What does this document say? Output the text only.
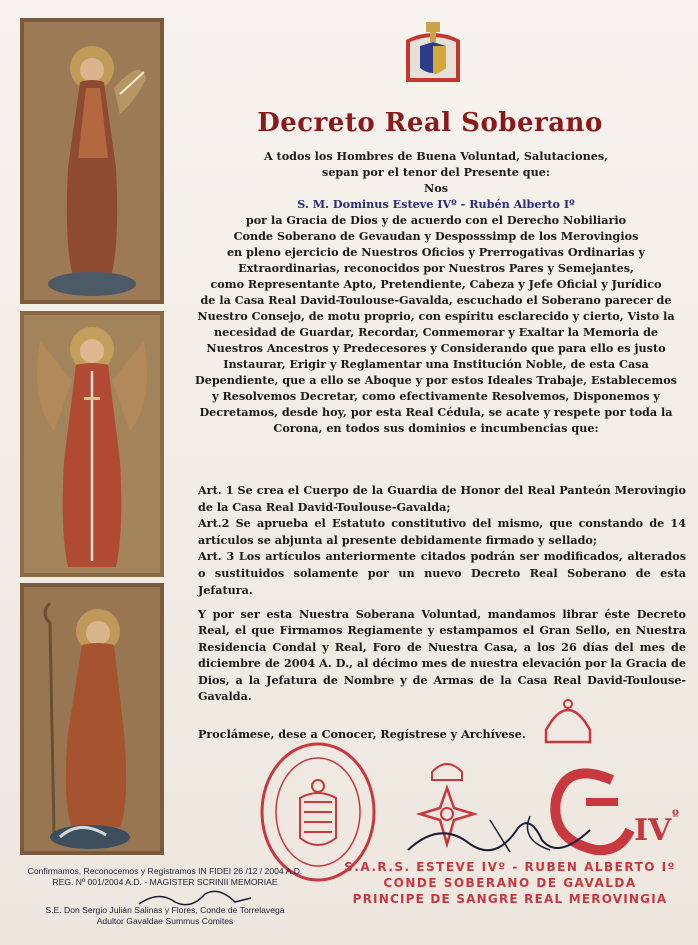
Decreto Real Soberano

A todos los Hombres de Buena Voluntad, Salutaciones,

sepan por el tenor del Presente que:

Nos

S. M. Dominus Esteve IVº - Rubén Alberto Iº

por la Gracia de Dios y de acuerdo con el Derecho Nobiliario

Conde Soberano de Gevaudan y Desposssimp de los Merovingios

en pleno ejercicio de Nuestros Oficios y Prerrogativas Ordinarias y

Extraordinarias, reconocidos por Nuestros Pares y Semejantes,

como Representante Apto, Pretendiente, Cabeza y Jefe Oficial y Jurídico

de la Casa Real David-Toulouse-Gavalda, escuchado el Soberano parecer de

Nuestro Consejo, de motu proprio, con espíritu esclarecido y cierto, Visto la

necesidad de Guardar, Recordar, Conmemorar y Exaltar la Memoria de

Nuestros Ancestros y Predecesores y Considerando que para ello es justo

Instaurar, Erigir y Reglamentar una Institución Noble, de esta Casa

Dependiente, que a ello se Aboque y por estos Ideales Trabaje, Establecemos

y Resolvemos Decretar, como efectivamente Resolvemos, Disponemos y

Decretamos, desde hoy, por esta Real Cédula, se acate y respete por toda la

Corona, en todos sus dominios e incumbencias que:

Art. 1 Se crea el Cuerpo de la Guardia de Honor del Real Panteón Merovingio de la Casa Real David-Toulouse-Gavalda;

Art.2 Se aprueba el Estatuto constitutivo del mismo, que constando de 14 artículos se abjunta al presente debidamente firmado y sellado;

Art. 3 Los artículos anteriormente citados podrán ser modificados, alterados o sustituidos solamente por un nuevo Decreto Real Soberano de esta Jefatura.

Y por ser esta Nuestra Soberana Voluntad, mandamos librar éste Decreto Real, el que Firmamos Regiamente y estampamos el Gran Sello, en Nuestra Residencia Condal y Real, Foro de Nuestra Casa, a los 26 días del mes de diciembre de 2004 A. D., al décimo mes de nuestra elevación por la Gracia de Dios, a la Jefatura de Nombre y de Armas de la Casa Real David-Toulouse-Gavalda.
Proclámese, dese a Conocer, Regístrese y Archívese.
IV º
S.A.R.S. ESTEVE IVº - RUBEN ALBERTO Iº
CONDE SOBERANO DE GAVALDA
PRINCIPE DE SANGRE REAL MEROVINGIA

Confirmamos, Reconocemos y Registramos IN FIDEI 26 /12 / 2004 A.D.

REG. Nº 001/2004 A.D. - MAGISTER SCRINII MEMORIAE

S.E. Don Sergio Julián Salinas y Flores, Conde de Torrelavega

Adultor Gavaldae Summus Comites
